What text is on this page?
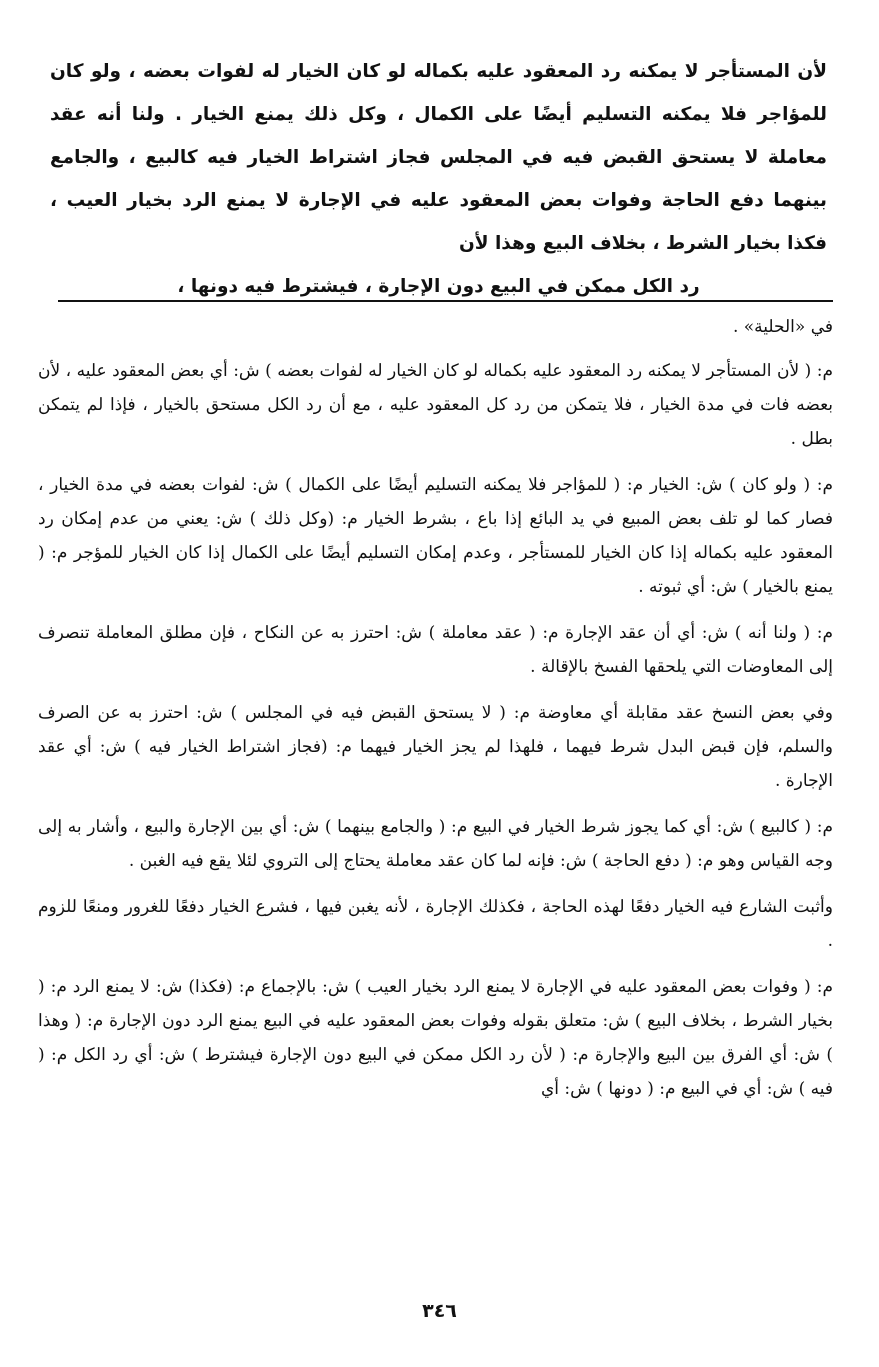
لأن المستأجر لا يمكنه رد المعقود عليه بكماله لو كان الخيار له لفوات بعضه ، ولو كان للمؤاجر فلا يمكنه التسليم أيضًا على الكمال ، وكل ذلك يمنع الخيار . ولنا أنه عقد معاملة لا يستحق القبض فيه في المجلس فجاز اشتراط الخيار فيه كالبيع ، والجامع بينهما دفع الحاجة وفوات بعض المعقود عليه في الإجارة لا يمنع الرد بخيار العيب ، فكذا بخيار الشرط ، بخلاف البيع وهذا لأن

رد الكل ممكن في البيع دون الإجارة ، فيشترط فيه دونها ،

في «الحلية» .

م: ( لأن المستأجر لا يمكنه رد المعقود عليه بكماله لو كان الخيار له لفوات بعضه ) ش: أي بعض المعقود عليه ، لأن بعضه فات في مدة الخيار ، فلا يتمكن من رد كل المعقود عليه ، مع أن رد الكل مستحق بالخيار ، فإذا لم يتمكن بطل .

م: ( ولو كان ) ش: الخيار م: ( للمؤاجر فلا يمكنه التسليم أيضًا على الكمال ) ش: لفوات بعضه في مدة الخيار ، فصار كما لو تلف بعض المبيع في يد البائع إذا باع ، بشرط الخيار م: (وكل ذلك ) ش: يعني من عدم إمكان رد المعقود عليه بكماله إذا كان الخيار للمستأجر ، وعدم إمكان التسليم أيضًا على الكمال إذا كان الخيار للمؤجر م: ( يمنع بالخيار ) ش: أي ثبوته .

م: ( ولنا أنه ) ش: أي أن عقد الإجارة م: ( عقد معاملة ) ش: احترز به عن النكاح ، فإن مطلق المعاملة تنصرف إلى المعاوضات التي يلحقها الفسخ بالإقالة .

وفي بعض النسخ عقد مقابلة أي معاوضة م: ( لا يستحق القبض فيه في المجلس ) ش: احترز به عن الصرف والسلم، فإن قبض البدل شرط فيهما ، فلهذا لم يجز الخيار فيهما م: (فجاز اشتراط الخيار فيه ) ش: أي عقد الإجارة .

م: ( كالبيع ) ش: أي كما يجوز شرط الخيار في البيع م: ( والجامع بينهما ) ش: أي بين الإجارة والبيع ، وأشار به إلى وجه القياس وهو م: ( دفع الحاجة ) ش: فإنه لما كان عقد معاملة يحتاج إلى التروي لئلا يقع فيه الغبن .

وأثبت الشارع فيه الخيار دفعًا لهذه الحاجة ، فكذلك الإجارة ، لأنه يغبن فيها ، فشرع الخيار دفعًا للغرور ومنعًا للزوم .

م: ( وفوات بعض المعقود عليه في الإجارة لا يمنع الرد بخيار العيب ) ش: بالإجماع م: (فكذا) ش: لا يمنع الرد م: ( بخيار الشرط ، بخلاف البيع ) ش: متعلق بقوله وفوات بعض المعقود عليه في البيع يمنع الرد دون الإجارة م: ( وهذا ) ش: أي الفرق بين البيع والإجارة م: ( لأن رد الكل ممكن في البيع دون الإجارة فيشترط ) ش: أي رد الكل م: ( فيه ) ش: أي في البيع م: ( دونها ) ش: أي

٣٤٦
